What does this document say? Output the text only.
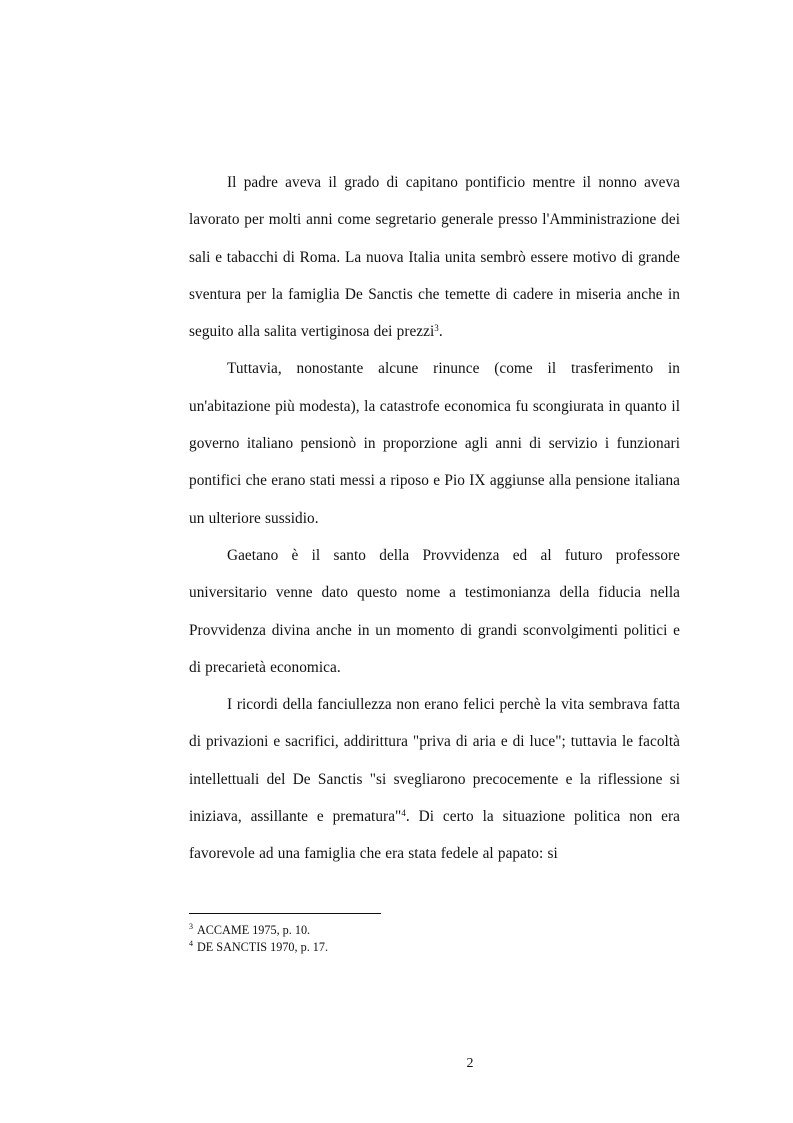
Il padre aveva il grado di capitano pontificio mentre il nonno aveva lavorato per molti anni come segretario generale presso l'Amministrazione dei sali e tabacchi di Roma. La nuova Italia unita sembrò essere motivo di grande sventura per la famiglia De Sanctis che temette di cadere in miseria anche in seguito alla salita vertiginosa dei prezzi$^3$.

Tuttavia, nonostante alcune rinunce (come il trasferimento in un'abitazione più modesta), la catastrofe economica fu scongiurata in quanto il governo italiano pensionò in proporzione agli anni di servizio i funzionari pontifici che erano stati messi a riposo e Pio IX aggiunse alla pensione italiana un ulteriore sussidio.

Gaetano è il santo della Provvidenza ed al futuro professore universitario venne dato questo nome a testimonianza della fiducia nella Provvidenza divina anche in un momento di grandi sconvolgimenti politici e di precarietà economica.

I ricordi della fanciullezza non erano felici perchè la vita sembrava fatta di privazioni e sacrifici, addirittura "priva di aria e di luce"; tuttavia le facoltà intellettuali del De Sanctis "si svegliarono precocemente e la riflessione si iniziava, assillante e prematura"$^4$. Di certo la situazione politica non era favorevole ad una famiglia che era stata fedele al papato: si

$^3$ ACCAME 1975, p. 10.

$^4$ DE SANCTIS 1970, p. 17.

2
